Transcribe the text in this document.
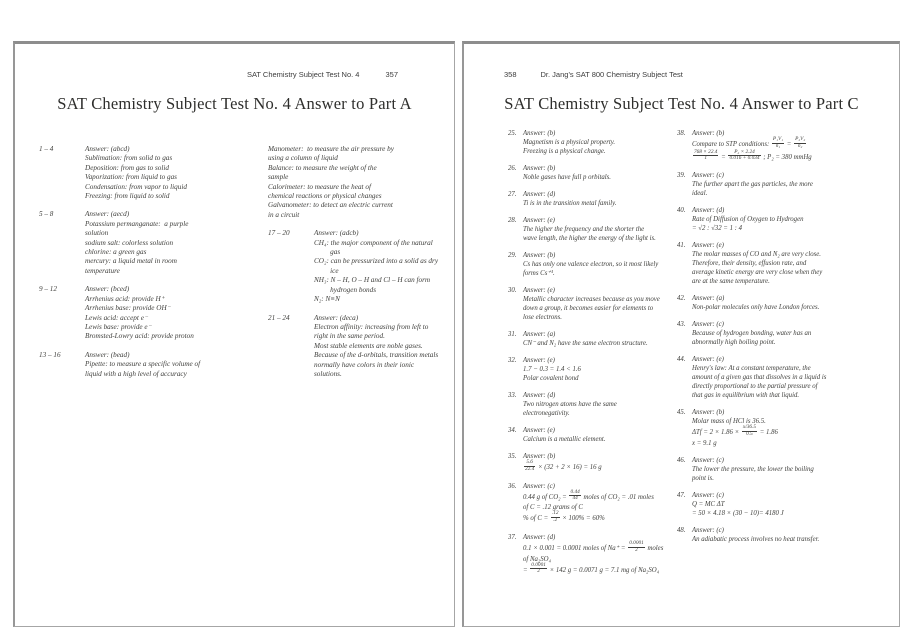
SAT Chemistry Subject Test No. 4	357
SAT Chemistry Subject Test No. 4 Answer to Part A
1 – 4	Answer: (abcd)
Sublimation: from solid to gas
Deposition: from gas to solid
Vaporization: from liquid to gas
Condensation: from vapor to liquid
Freezing: from liquid to solid
5 – 8	Answer: (aecd)
Potassium permanganate:  a purple
solution
sodium salt: colorless solution
chlorine: a green gas
mercury: a liquid metal in room
temperature
9 – 12	Answer: (bced)
Arrhenius acid: provide H⁺
Arrhenius base: provide OH⁻
Lewis acid: accept e⁻
Lewis base: provide e⁻
Bromsted-Lowry acid: provide proton
13 – 16	Answer: (bead)
Pipette: to measure a specific volume of
liquid with a high level of accuracy
Manometer:  to measure the air pressure by
using a column of liquid
Balance: to measure the weight of the
sample
Calorimeter: to measure the heat of
chemical reactions or physical changes
Galvanometer: to detect an electric current
in a circuit
17 – 20	Answer: (adcb)
CH₄: the major component of the natural
gas
CO₂: can be pressurized into a solid as dry
ice
NH₃: N – H, O – H and Cl – H can form
hydrogen bonds
N₂: N≡N
21 – 24	Answer: (deca)
Electron affinity: increasing from left to
right in the same period.
Most stable elements are noble gases.
Because of the d-orbitals, transition metals
normally have colors in their ionic
solutions.
358	Dr. Jang's SAT 800 Chemistry Subject Test
SAT Chemistry Subject Test No. 4 Answer to Part C
25. Answer: (b)
Magnetism is a physical property.
Freezing is a physical change.
26. Answer: (b)
Noble gases have full p orbitals.
27. Answer: (d)
Ti is in the transition metal family.
28. Answer: (e)
The higher the frequency and the shorter the
wave length, the higher the energy of the light is.
29. Answer: (b)
Cs has only one valence electron, so it most likely
forms Cs⁺¹.
30. Answer: (e)
Metallic character increases because as you move
down a group, it becomes easier for elements to
lose electrons.
31. Answer: (a)
CN⁻ and N₂ have the same electron structure.
32. Answer: (e)
1.7 − 0.3 = 1.4 < 1.6
Polar covalent bond
33. Answer: (d)
Two nitrogen atoms have the same
electronegativity.
34. Answer: (e)
Calcium is a metallic element.
35. Answer: (b)
$\frac{5.6}{22.4} \times (32 + 2 \times 16) = 16$ g
36. Answer: (c)
0.44 g of $CO_2 = \frac{0.44}{44}$ moles of CO₂ = .01 moles
of C = .12 grams of C
% of $C = \frac{.12}{.2} \times 100\% = 60\%$
37. Answer: (d)
0.1 × 0.001 = 0.0001 moles of $Na^+ = \frac{0.0001}{2}$ moles
of Na₂SO₄
= $\frac{0.0001}{2} \times 142$ g = 0.0071 g = 7.1 mg of Na₂SO₄
38. Answer: (b)
Compare to STP conditions: $\frac{\text{P₁V₁}}{\text{n₁}} = \frac{\text{P₂V₂}}{\text{n₂}}$
$\frac{768 \times 22.4}{1} = \frac{\text{P₂ × 2.24}}{0.016 + 0.034}$ ; P₂ = 380 mmHg
39. Answer: (c)
The further apart the gas particles, the more
ideal.
40. Answer: (d)
Rate of Diffusion of Oxygen to Hydrogen
= √2 : √32 = 1 : 4
41. Answer: (e)
The molar masses of CO and N₂ are very close.
Therefore, their density, effusion rate, and
average kinetic energy are very close when they
are at the same temperature.
42. Answer: (a)
Non-polar molecules only have London forces.
43. Answer: (c)
Because of hydrogen bonding, water has an
abnormally high boiling point.
44. Answer: (e)
Henry's law: At a constant temperature, the
amount of a given gas that dissolves in a liquid is
directly proportional to the partial pressure of
that gas in equilibrium with that liquid.
45. Answer: (b)
Molar mass of HCl is 36.5.
$\Delta Tf = 2 \times 1.86 \times \frac{x/36.5}{0.5} = 1.86$
x = 9.1 g
46. Answer: (c)
The lower the pressure, the lower the boiling
point is.
47. Answer: (c)
Q = MC ΔT
= 50 × 4.18 × (30 − 10)= 4180 J
48. Answer: (c)
An adiabatic process involves no heat transfer.
